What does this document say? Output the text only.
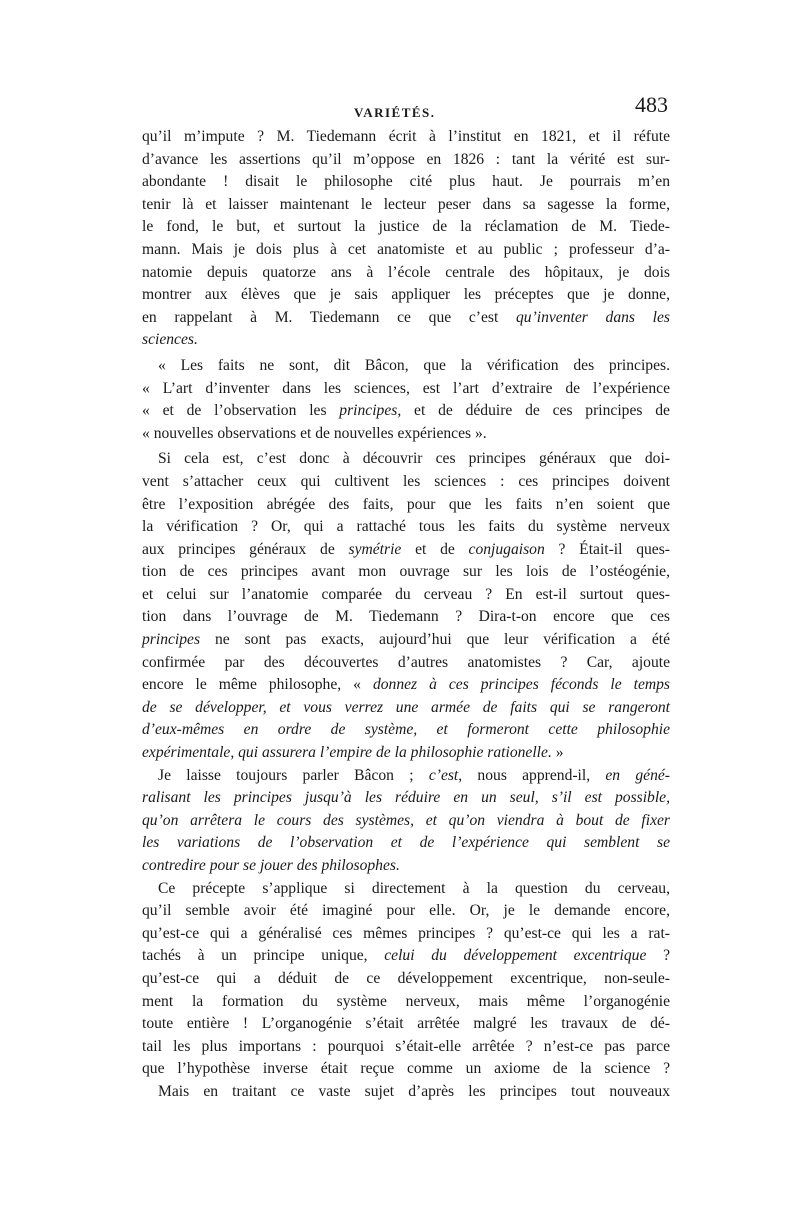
VARIÉTÉS.	483
qu’il m’impute ? M. Tiedemann écrit à l’institut en 1821, et il réfute
d’avance les assertions qu’il m’oppose en 1826 : tant la vérité est sur-
abondante ! disait le philosophe cité plus haut. Je pourrais m’en
tenir là et laisser maintenant le lecteur peser dans sa sagesse la forme,
le fond, le but, et surtout la justice de la réclamation de M. Tiede-
mann. Mais je dois plus à cet anatomiste et au public ; professeur d’a-
natomie depuis quatorze ans à l’école centrale des hôpitaux, je dois
montrer aux élèves que je sais appliquer les préceptes que je donne,
en rappelant à M. Tiedemann ce que c’est qu’inventer dans les
sciences.
« Les faits ne sont, dit Bâcon, que la vérification des principes.
« L’art d’inventer dans les sciences, est l’art d’extraire de l’expérience
« et de l’observation les principes, et de déduire de ces principes de
« nouvelles observations et de nouvelles expériences ».
Si cela est, c’est donc à découvrir ces principes généraux que doi-
vent s’attacher ceux qui cultivent les sciences : ces principes doivent
être l’exposition abrégée des faits, pour que les faits n’en soient que
la vérification ? Or, qui a rattaché tous les faits du système nerveux
aux principes généraux de symétrie et de conjugaison ? Était-il ques-
tion de ces principes avant mon ouvrage sur les lois de l’ostéogénie,
et celui sur l’anatomie comparée du cerveau ? En est-il surtout ques-
tion dans l’ouvrage de M. Tiedemann ? Dira-t-on encore que ces
principes ne sont pas exacts, aujourd’hui que leur vérification a été
confirmée par des découvertes d’autres anatomistes ? Car, ajoute
encore le même philosophe, « donnez à ces principes féconds le temps
de se développer, et vous verrez une armée de faits qui se rangeront
d’eux-mêmes en ordre de système, et formeront cette philosophie
expérimentale, qui assurera l’empire de la philosophie rationelle. »
Je laisse toujours parler Bâcon ; c’est, nous apprend-il, en géné-
ralisant les principes jusqu’à les réduire en un seul, s’il est possible,
qu’on arrêtera le cours des systèmes, et qu’on viendra à bout de fixer
les variations de l’observation et de l’expérience qui semblent se
contredire pour se jouer des philosophes.
Ce précepte s’applique si directement à la question du cerveau,
qu’il semble avoir été imaginé pour elle. Or, je le demande encore,
qu’est-ce qui a généralisé ces mêmes principes ? qu’est-ce qui les a rat-
tachés à un principe unique, celui du développement excentrique ?
qu’est-ce qui a déduit de ce développement excentrique, non-seule-
ment la formation du système nerveux, mais même l’organogénie
toute entière ! L’organogénie s’était arrêtée malgré les travaux de dé-
tail les plus importans : pourquoi s’était-elle arrêtée ? n’est-ce pas parce
que l’hypothèse inverse était reçue comme un axiome de la science ?
Mais en traitant ce vaste sujet d’après les principes tout nouveaux
